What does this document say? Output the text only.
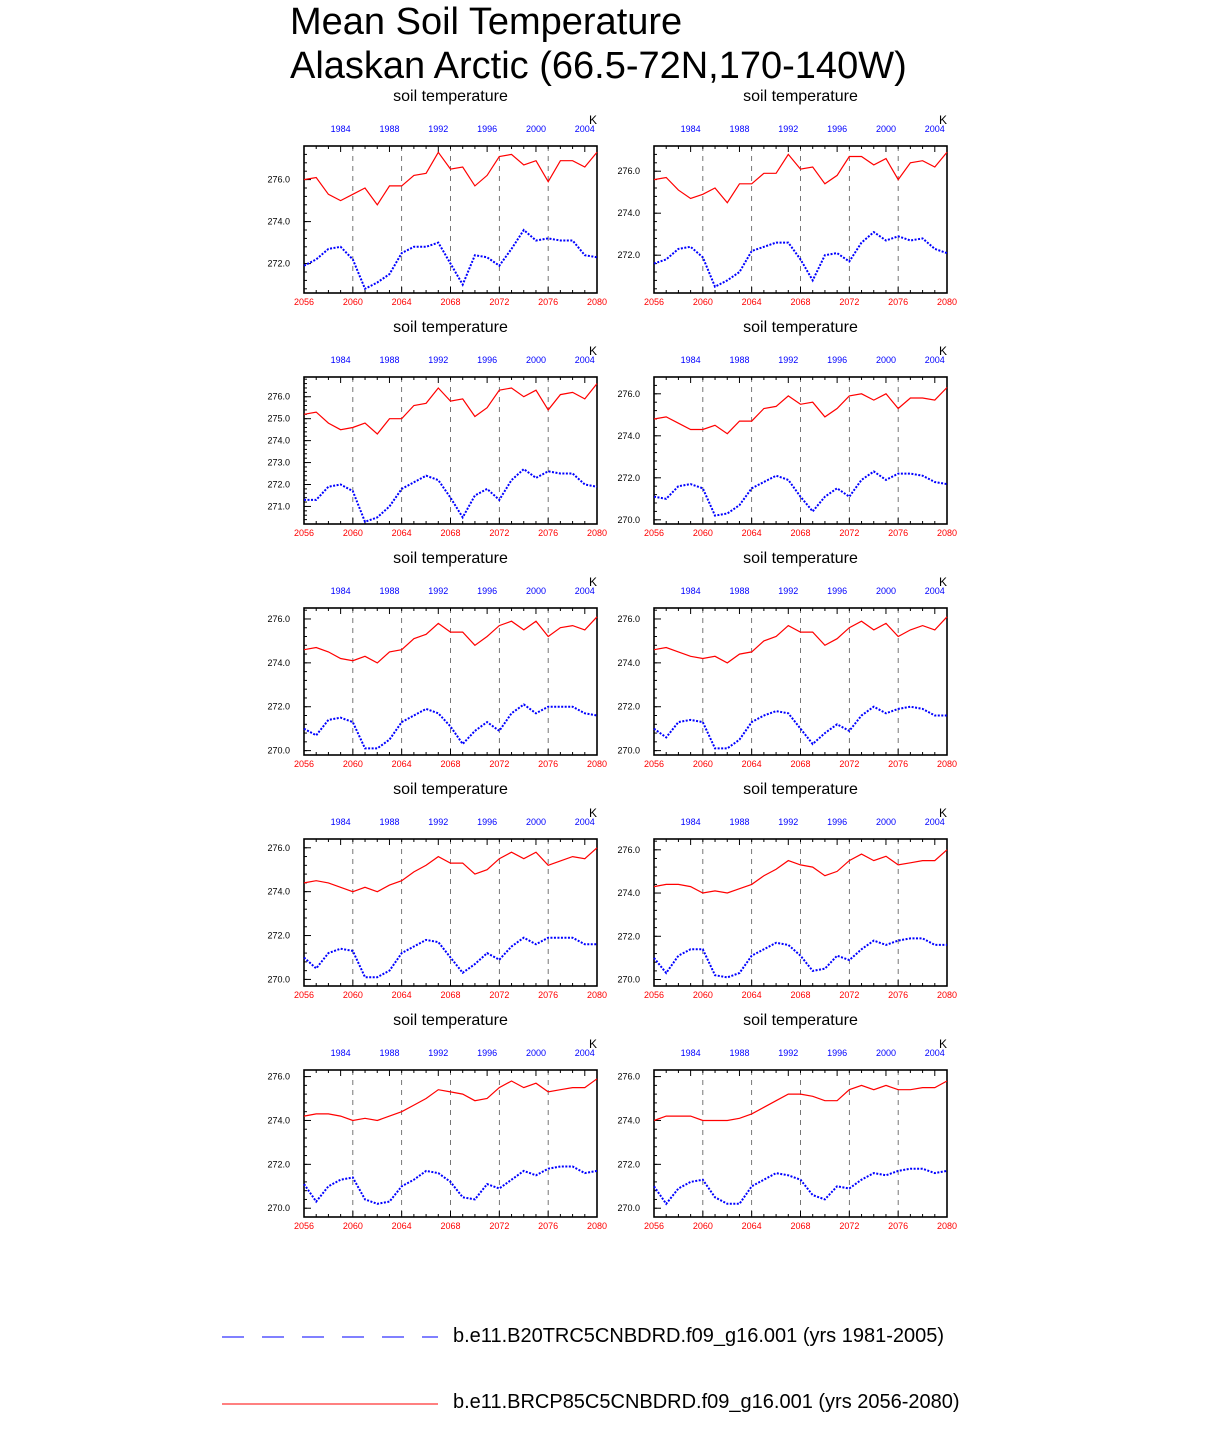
Mean Soil Temperature
Alaskan Arctic (66.5-72N,170-140W)
soil temperature
K
2056	2060	2064	2068	2072	2076	2080
1984	1988	1992	1996	2000	2004
272.0
274.0
276.0
soil temperature
K
2056	2060	2064	2068	2072	2076	2080
1984	1988	1992	1996	2000	2004
272.0
274.0
276.0
soil temperature
K
2056	2060	2064	2068	2072	2076	2080
1984	1988	1992	1996	2000	2004
271.0
272.0
273.0
274.0
275.0
276.0
soil temperature
K
2056	2060	2064	2068	2072	2076	2080
1984	1988	1992	1996	2000	2004
270.0
272.0
274.0
276.0
soil temperature
K
2056	2060	2064	2068	2072	2076	2080
1984	1988	1992	1996	2000	2004
270.0
272.0
274.0
276.0
soil temperature
K
2056	2060	2064	2068	2072	2076	2080
1984	1988	1992	1996	2000	2004
270.0
272.0
274.0
276.0
soil temperature
K
2056	2060	2064	2068	2072	2076	2080
1984	1988	1992	1996	2000	2004
270.0
272.0
274.0
276.0
soil temperature
K
2056	2060	2064	2068	2072	2076	2080
1984	1988	1992	1996	2000	2004
270.0
272.0
274.0
276.0
soil temperature
K
2056	2060	2064	2068	2072	2076	2080
1984	1988	1992	1996	2000	2004
270.0
272.0
274.0
276.0
soil temperature
K
2056	2060	2064	2068	2072	2076	2080
1984	1988	1992	1996	2000	2004
270.0
272.0
274.0
276.0
b.e11.B20TRC5CNBDRD.f09_g16.001 (yrs 1981-2005)
b.e11.BRCP85C5CNBDRD.f09_g16.001 (yrs 2056-2080)
